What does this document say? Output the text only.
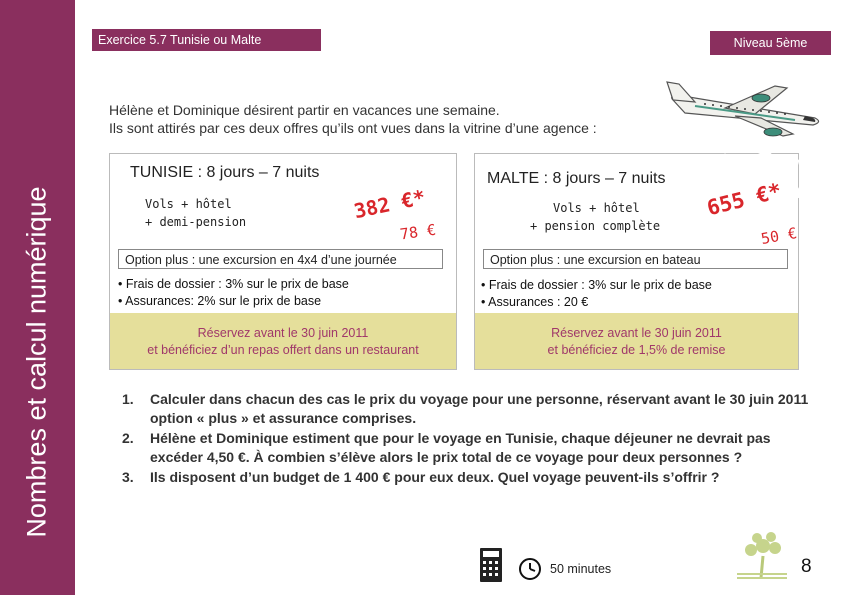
Nombres et calcul numérique
Exercice 5.7 Tunisie ou Malte	Niveau 5ème
Hélène et Dominique désirent partir en vacances une semaine.
Ils sont attirés par ces deux offres qu’ils ont vues dans la vitrine d’une agence :
TUNISIE : 8 jours – 7 nuits
Vols + hôtel
+ demi-pension	382 €*
78 €
Option plus : une excursion en 4x4 d’une journée
• Frais de dossier : 3% sur le prix de base
• Assurances: 2% sur le prix de base
Réservez avant le 30 juin 2011
et bénéficiez d’un repas offert dans un restaurant
MALTE : 8 jours – 7 nuits
Vols + hôtel
+ pension complète
655 €*
50 €
Option plus : une excursion en bateau
• Frais de dossier : 3% sur le prix de base
• Assurances : 20 €
Réservez avant le 30 juin 2011
et bénéficiez de 1,5% de remise
1. Calculer dans chacun des cas le prix du voyage pour une personne, réservant avant le 30 juin 2011 option « plus » et assurance comprises.
2. Hélène et Dominique estiment que pour le voyage en Tunisie, chaque déjeuner ne devrait pas excéder 4,50 €. À combien s’élève alors le prix total de ce voyage pour deux personnes ?
3. Ils disposent d’un budget de 1 400 € pour eux deux. Quel voyage peuvent-ils s’offrir ?
50 minutes	8
